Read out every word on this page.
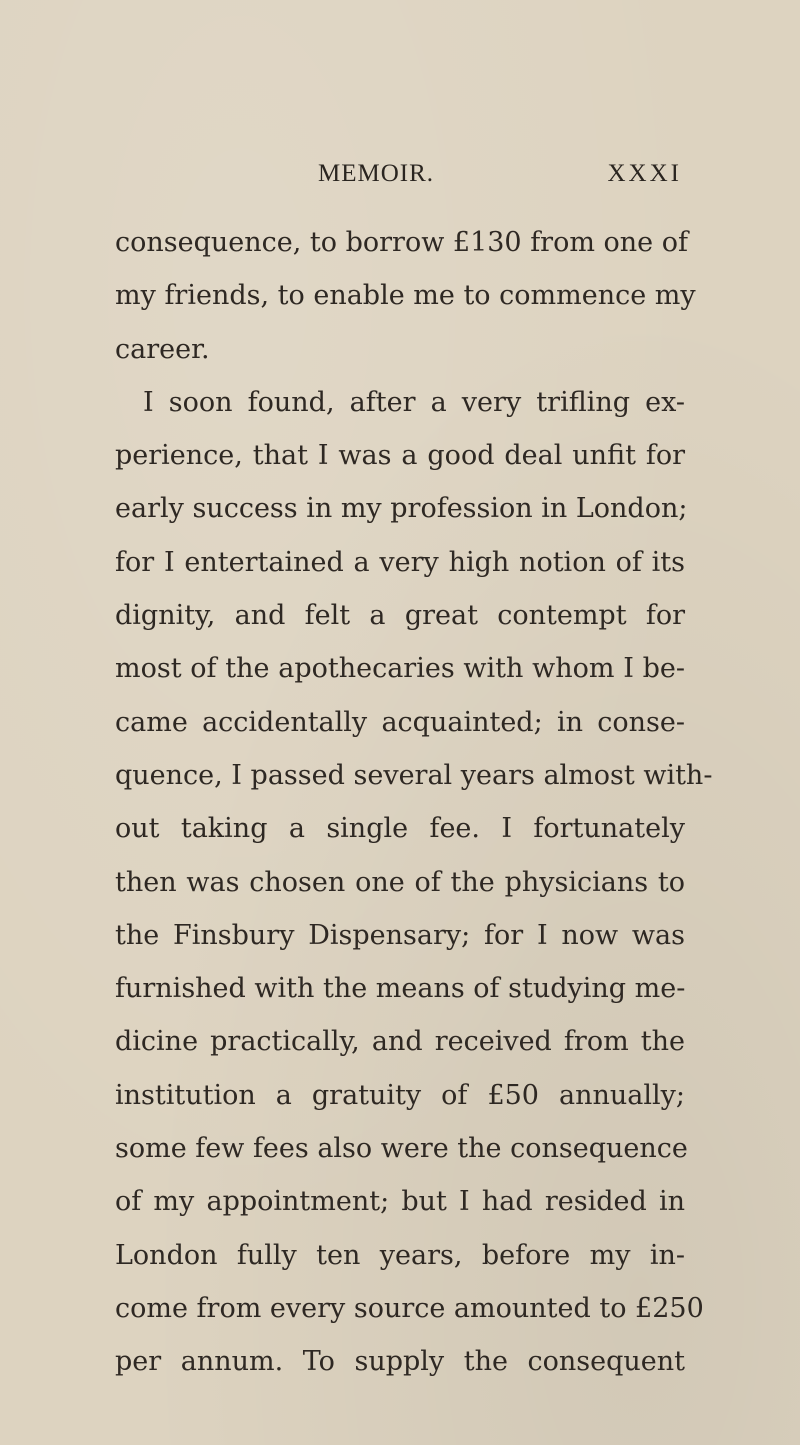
MEMOIR.	XXXI
consequence, to borrow £130 from one of
my friends, to enable me to commence my
career.
I soon found, after a very trifling ex-
perience, that I was a good deal unfit for
early success in my profession in London;
for I entertained a very high notion of its
dignity, and felt a great contempt for
most of the apothecaries with whom I be-
came accidentally acquainted; in conse-
quence, I passed several years almost with-
out taking a single fee. I fortunately
then was chosen one of the physicians to
the Finsbury Dispensary; for I now was
furnished with the means of studying me-
dicine practically, and received from the
institution a gratuity of £50 annually;
some few fees also were the consequence
of my appointment; but I had resided in
London fully ten years, before my in-
come from every source amounted to £250
per annum. To supply the consequent
